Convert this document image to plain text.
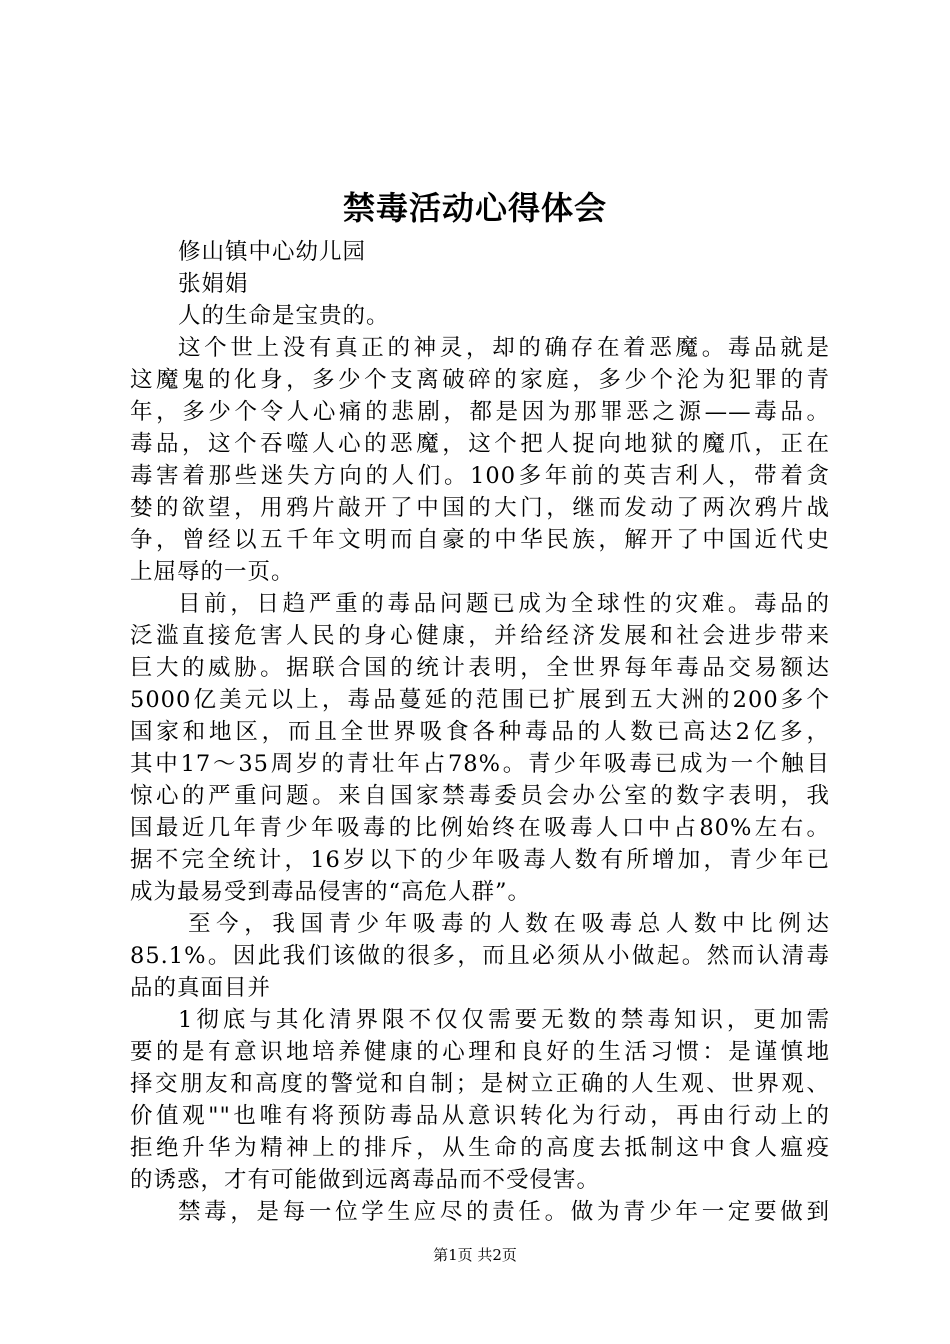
禁毒活动心得体会
修山镇中心幼儿园
张娟娟
人的生命是宝贵的。
这个世上没有真正的神灵，却的确存在着恶魔。毒品就是
这魔鬼的化身，多少个支离破碎的家庭，多少个沦为犯罪的青
年，多少个令人心痛的悲剧，都是因为那罪恶之源——毒品。
毒品，这个吞噬人心的恶魔，这个把人捉向地狱的魔爪，正在
毒害着那些迷失方向的人们。100多年前的英吉利人，带着贪
婪的欲望，用鸦片敲开了中国的大门，继而发动了两次鸦片战
争，曾经以五千年文明而自豪的中华民族，解开了中国近代史
上屈辱的一页。
目前，日趋严重的毒品问题已成为全球性的灾难。毒品的
泛滥直接危害人民的身心健康，并给经济发展和社会进步带来
巨大的威胁。据联合国的统计表明，全世界每年毒品交易额达
5000亿美元以上，毒品蔓延的范围已扩展到五大洲的200多个
国家和地区，而且全世界吸食各种毒品的人数已高达2亿多，
其中17～35周岁的青壮年占78%。青少年吸毒已成为一个触目
惊心的严重问题。来自国家禁毒委员会办公室的数字表明，我
国最近几年青少年吸毒的比例始终在吸毒人口中占80%左右。
据不完全统计，16岁以下的少年吸毒人数有所增加，青少年已
成为最易受到毒品侵害的“高危人群”。
至今，我国青少年吸毒的人数在吸毒总人数中比例达
85.1%。因此我们该做的很多，而且必须从小做起。然而认清毒
品的真面目并
1彻底与其化清界限不仅仅需要无数的禁毒知识，更加需
要的是有意识地培养健康的心理和良好的生活习惯：是谨慎地
择交朋友和高度的警觉和自制；是树立正确的人生观、世界观、
价值观""也唯有将预防毒品从意识转化为行动，再由行动上的
拒绝升华为精神上的排斥，从生命的高度去抵制这中食人瘟疫
的诱惑，才有可能做到远离毒品而不受侵害。
禁毒，是每一位学生应尽的责任。做为青少年一定要做到
第1页 共2页
